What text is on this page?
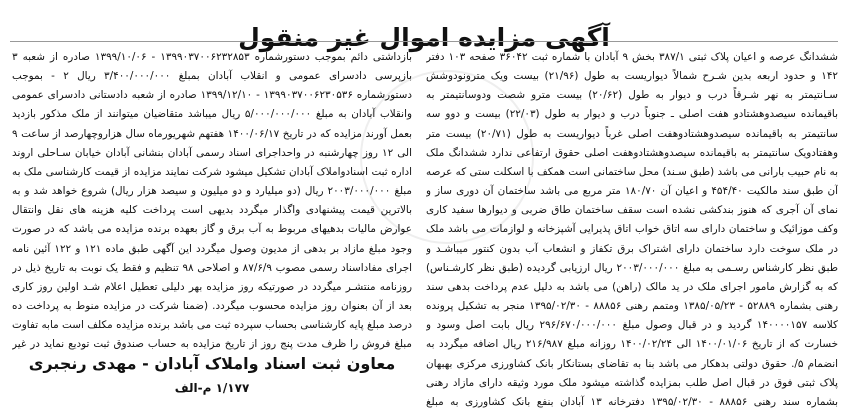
آگهی مزایده اموال غیر منقول

ششدانگ عرصه و اعیان پلاک ثبتی ۳۸۷/۱ بخش ۹ آبادان با شماره ثبت ۳۶۰۴۲ صفحه ۱۰۳ دفتر ۱۴۲ و حدود اربعه بدین شـرح شمالاً دیواریست به طول (۲۱/۹۶) بیست ویک مترونودوشش سـانتیمتر به نهر شـرقاً درب و دیوار به طول (۲۰/۶۲) بیست مترو شصت ودوسانتیمتر به باقیمانده سیصدوهشتادو هفت اصلی ـ جنوباً درب و دیوار به طول (۲۲/۰۳) بیست و دوو سه سانتیمتر به باقیمانده سیصدوهشتادوهفت اصلی غرباً دیواریست به طول (۲۰/۷۱) بیست متر وهفتادویک سانتیمتر به باقیمانده سیصدوهشتادوهفت اصلی حقوق ارتفاعی ندارد ششدانگ ملک به نام حبیب بارانی می باشد (طبق سـند) محل ساختمانی است همکف با اسکلت ستی که عرصه آن طبق سند مالکیت ۴۵۴/۴۰ و اعیان آن ۱۸۰/۷۰ متر مربع می باشد ساختمان آن دوری ساز و نمای آن آجری که هنوز بندکشی نشده است سقف ساختمان طاق ضربی و دیوارها سفید کاری وکف موزائیک و ساختمان دارای سه اتاق خواب اتاق پذیرایی آشپزخانه و لوازمات می باشد ملک در ملک سوخت دارد ساختمان دارای اشتراک برق تکفاز و انشعاب آب بدون کنتور میباشـد و طبق نظر کارشناس رسـمی به مبلغ ۲۰۰۳/۰۰۰/۰۰۰ ریال ارزیابی گردیده (طبق نظر کارشـناس) که به گزارش مامور اجرای ملک در ید مالک (راهن) می باشد به دلیل عدم پرداخت بدهی سند رهنی بشماره ۵۲۸۸۹ - ۱۳۸۵/۰۵/۲۳ ومتمم رهنی ۸۸۸۵۶ - ۱۳۹۵/۰۲/۳۰ منجر به تشکیل پرونده کلاسه ۱۴۰۰۰۰۱۵۷ گردید و در قبال وصول مبلغ ۲۹۶/۶۷۰/۰۰۰/۰۰۰ ریال بابت اصل وسود و خسارت که از تاریخ ۱۴۰۰/۰۱/۰۶ الی ۱۴۰۰/۰۲/۲۴ روزانه مبلغ ۲۱۶/۹۸۷ ریال اضافه میگردد به انضمام ۵/. حقوق دولتی بدهکار می باشد بنا به تقاضای بستانکار بانک کشاورزی مرکزی بهبهان پلاک ثبتی فوق در قبال اصل طلب بمزایده گذاشته میشود ملک مورد وثیقه دارای مازاد رهنی بشماره سند رهنی ۸۸۸۵۶ - ۱۳۹۵/۰۲/۳۰ دفترخانه ۱۳ آبادان بنفع بانک کشاورزی به مبلغ

بازداشتی دائم بموجب دستورشماره ۱۳۹۹۰۳۷۰۰۶۲۳۲۸۵۳ - ۱۳۹۹/۱۰/۰۶ صادره از شعبه ۳ بازپرسی دادسرای عمومی و انقلاب آبادان بمبلغ ۳/۴۰۰/۰۰۰/۰۰۰ ریال ۲ - بموجب دستورشماره ۱۳۹۹۰۳۷۰۰۶۲۳۰۵۳۶ - ۱۳۹۹/۱۲/۱۰ صادره از شعبه دادستانی دادسرای عمومی وانقلاب آبادان به مبلغ ۵/۰۰۰/۰۰۰/۰۰۰ ریال میباشد متقاضیان میتوانند از ملک مذکور بازدید بعمل آورند مزایده که در تاریخ ۱۴۰۰/۰۶/۱۷ هفتهم شهریورماه سال هزاروچهارصد از ساعت ۹ الی ۱۲ روز چهارشنبه در واحداجرای اسناد رسمی آبادان بنشانی آبادان خیابان سـاحلی اروند اداره ثبت اسنادواملاک آبادان تشکیل میشود شرکت نمایند مزایده از قیمت کارشناسی ملک به مبلغ ۲۰۰۳/۰۰۰/۰۰۰ ریال (دو میلیارد و دو میلیون و سیصد هزار ریال) شروع خواهد شد و به بالاترین قیمت پیشنهادی واگذار میگردد بدیهی است پرداخت کلیه هزینه های نقل وانتقال عوارض مالیات بدهیهای مربوط به آب برق و گاز بعهده برنده مزایده می باشد که در صورت وجود مبلغ مازاد بر بدهی از مدیون وصول میگردد این آگهی طبق ماده ۱۲۱ و ۱۲۲ آئین نامه اجرای مفاداسناد رسمی مصوب ۸۷/۶/۹ و اصلاحی ۹۸ تنظیم و فقط یک نوبت به تاریخ ذیل در روزنامه منتشـر میگردد در صورتیکه روز مزایده بهر دلیلی تعطیل اعلام شـد اولین روز کاری بعد از آن بعنوان روز مزایده محسوب میگردد. (ضمنا شرکت در مزایده منوط به پرداخت ده درصد مبلغ پایه کارشناسی بحساب سپرده ثبت می باشد برنده مزایده مکلف است مابه تفاوت مبلغ فروش را ظرف مدت پنج روز از تاریخ مزایده به حساب صندوق ثبت تودیع نماید در غیر

معاون ثبت اسناد واملاک آبادان - مهدی رنجبری
۱/۱۷۷ م-الف
